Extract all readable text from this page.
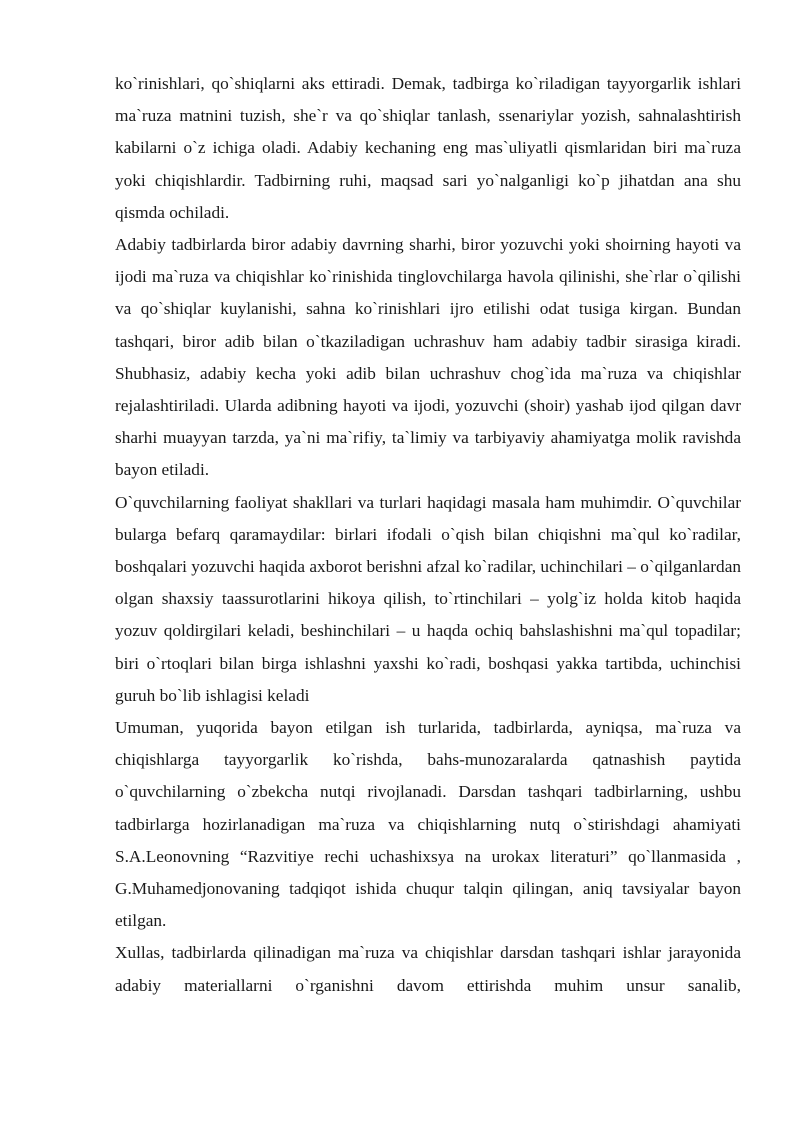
ko`rinishlari, qo`shiqlarni aks ettiradi. Demak, tadbirga ko`riladigan tayyorgarlik ishlari ma`ruza matnini tuzish, she`r va qo`shiqlar tanlash, ssenariylar yozish, sahnalashtirish kabilarni o`z ichiga oladi. Adabiy kechaning eng mas`uliyatli qismlaridan biri ma`ruza yoki chiqishlardir. Tadbirning ruhi, maqsad sari yo`nalganligi ko`p jihatdan ana shu qismda ochiladi.

Adabiy tadbirlarda biror adabiy davrning sharhi, biror yozuvchi yoki shoirning hayoti va ijodi ma`ruza va chiqishlar ko`rinishida tinglovchilarga havola qilinishi, she`rlar o`qilishi va qo`shiqlar kuylanishi, sahna ko`rinishlari ijro etilishi odat tusiga kirgan. Bundan tashqari, biror adib bilan o`tkaziladigan uchrashuv ham adabiy tadbir sirasiga kiradi. Shubhasiz, adabiy kecha yoki adib bilan uchrashuv chog`ida ma`ruza va chiqishlar rejalashtiriladi. Ularda adibning hayoti va ijodi, yozuvchi (shoir) yashab ijod qilgan davr sharhi muayyan tarzda, ya`ni ma`rifiy, ta`limiy va tarbiyaviy ahamiyatga molik ravishda bayon etiladi.

O`quvchilarning faoliyat shakllari va turlari haqidagi masala ham muhimdir. O`quvchilar bularga befarq qaramaydilar: birlari ifodali o`qish bilan chiqishni ma`qul ko`radilar, boshqalari yozuvchi haqida axborot berishni afzal ko`radilar, uchinchilari – o`qilganlardan olgan shaxsiy taassurotlarini hikoya qilish, to`rtinchilari – yolg`iz holda kitob haqida yozuv qoldirgilari keladi, beshinchilari – u haqda ochiq bahslashishni ma`qul topadilar; biri o`rtoqlari bilan birga ishlashni yaxshi ko`radi, boshqasi yakka tartibda, uchinchisi guruh bo`lib ishlagisi keladi

Umuman, yuqorida bayon etilgan ish turlarida, tadbirlarda, ayniqsa, ma`ruza va chiqishlarga tayyorgarlik ko`rishda, bahs-munozaralarda qatnashish paytida o`quvchilarning o`zbekcha nutqi rivojlanadi. Darsdan tashqari tadbirlarning, ushbu tadbirlarga hozirlanadigan ma`ruza va chiqishlarning nutq o`stirishdagi ahamiyati S.A.Leonovning “Razvitiye rechi uchashixsya na urokax literaturi” qo`llanmasida , G.Muhamedjonovaning tadqiqot ishida chuqur talqin qilingan, aniq tavsiyalar bayon etilgan.

Xullas, tadbirlarda qilinadigan ma`ruza va chiqishlar darsdan tashqari ishlar jarayonida adabiy materiallarni o`rganishni davom ettirishda muhim unsur sanalib,
